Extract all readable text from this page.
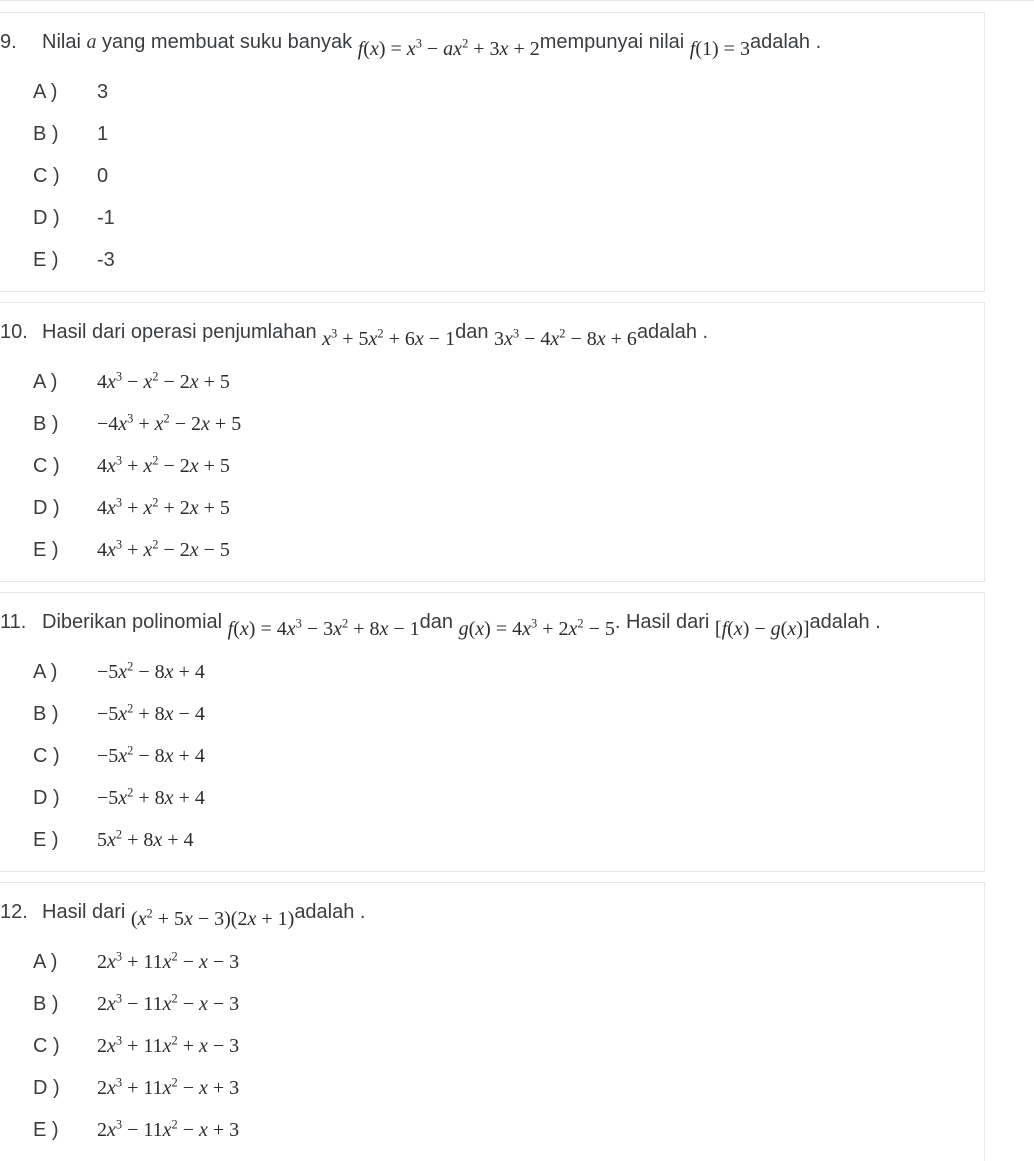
9. Nilai a yang membuat suku banyak $f(x) = x^3 - ax^2 + 3x$ + 2mempunyai nilai f(1) = 3adalah .
A )	3
B )	1
C )	0
D )	-1
E )	-3
10. Hasil dari operasi penjumlahan $x^3 + 5x^2 + 6x - 1dan$ $3x^3 - 4x^2 - 8x$ + 6adalah .
A )	$4x^3 - x^2 - 2x + 5$
B )	$-4x^3 + x^2 - 2x + 5$
C )	$4x^3 + x^2 - 2x + 5$
D )	$4x^3 + x^2 + 2x + 5$
E )	$4x^3 + x^2 - 2x - 5$
11. Diberikan polinomial $f(x) = 4x^3 - 3x^2 + 8x - 1dan$ $g(x) = 4x^3 + 2x^2 - 5$. Hasil dari [f(x) − g(x)]adalah .
A )	$-5x^2 - 8x + 4$
B )	$-5x^2 + 8x - 4$
C )	$-5x^2 - 8x + 4$
D )	$-5x^2 + 8x + 4$
E )	$5x^2 + 8x + 4$
12. Hasil dari $(x^2 + 5x - 3)(2x$ + 1)adalah .
A )	$2x^3 + 11x^2 - x - 3$
B )	$2x^3 - 11x^2 - x - 3$
C )	$2x^3 + 11x^2 + x - 3$
D )	$2x^3 + 11x^2 - x + 3$
E )	$2x^3 - 11x^2 - x + 3$
